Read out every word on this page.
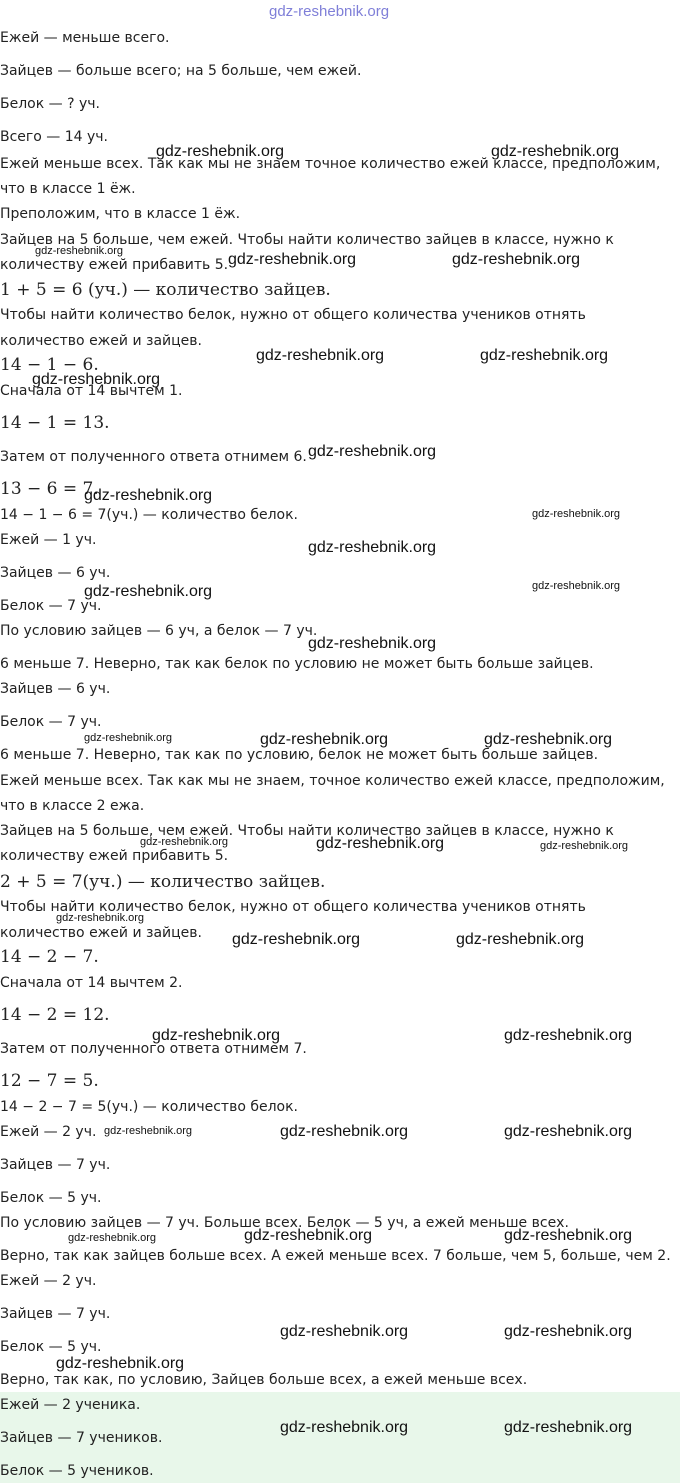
Ежей — меньше всего.
Зайцев — больше всего; на 5 больше, чем ежей.
Белок — ? уч.
Всего — 14 уч.
Ежей меньше всех. Так как мы не знаем точное количество ежей классе, предположим,
что в классе 1 ёж.
Преположим, что в классе 1 ёж.
Зайцев на 5 больше, чем ежей. Чтобы найти количество зайцев в классе, нужно к
количеству ежей прибавить 5.
1 + 5 = 6 (уч.) — количество зайцев.
Чтобы найти количество белок, нужно от общего количества учеников отнять
количество ежей и зайцев.
14 − 1 − 6.
Сначала от 14 вычтем 1.
14 − 1 = 13.
Затем от полученного ответа отнимем 6.
13 − 6 = 7.
14 − 1 − 6 = 7(уч.) — количество белок.
Ежей — 1 уч.
Зайцев — 6 уч.
Белок — 7 уч.
По условию зайцев — 6 уч, а белок — 7 уч.
6 меньше 7. Неверно, так как белок по условию не может быть больше зайцев.
Зайцев — 6 уч.
Белок — 7 уч.
6 меньше 7. Неверно, так как по условию, белок не может быть больше зайцев.
Ежей меньше всех. Так как мы не знаем, точное количество ежей классе, предположим,
что в классе 2 ежа.
Зайцев на 5 больше, чем ежей. Чтобы найти количество зайцев в классе, нужно к
количеству ежей прибавить 5.
2 + 5 = 7(уч.) — количество зайцев.
Чтобы найти количество белок, нужно от общего количества учеников отнять
количество ежей и зайцев.
14 − 2 − 7.
Сначала от 14 вычтем 2.
14 − 2 = 12.
Затем от полученного ответа отнимем 7.
12 − 7 = 5.
14 − 2 − 7 = 5(уч.) — количество белок.
Ежей — 2 уч.
Зайцев — 7 уч.
Белок — 5 уч.
По условию зайцев — 7 уч. Больше всех. Белок — 5 уч, а ежей меньше всех.
Верно, так как зайцев больше всех. А ежей меньше всех. 7 больше, чем 5, больше, чем 2.
Ежей — 2 уч.
Зайцев — 7 уч.
Белок — 5 уч.
Верно, так как, по условию, Зайцев больше всех, а ежей меньше всех.
Ежей — 2 ученика.
Зайцев — 7 учеников.
Белок — 5 учеников.
gdz-reshebnik.org
gdz-reshebnik.org	gdz-reshebnik.org
gdz-reshebnik.org	gdz-reshebnik.org	gdz-reshebnik.org
gdz-reshebnik.org	gdz-reshebnik.org
gdz-reshebnik.org
gdz-reshebnik.org
gdz-reshebnik.org
gdz-reshebnik.org
gdz-reshebnik.org
gdz-reshebnik.org
gdz-reshebnik.org
gdz-reshebnik.org
gdz-reshebnik.org	gdz-reshebnik.org	gdz-reshebnik.org
gdz-reshebnik.org	gdz-reshebnik.org	gdz-reshebnik.org
gdz-reshebnik.org
gdz-reshebnik.org	gdz-reshebnik.org
gdz-reshebnik.org	gdz-reshebnik.org
gdz-reshebnik.org	gdz-reshebnik.org	gdz-reshebnik.org
gdz-reshebnik.org	gdz-reshebnik.org	gdz-reshebnik.org
gdz-reshebnik.org	gdz-reshebnik.org
gdz-reshebnik.org
gdz-reshebnik.org	gdz-reshebnik.org
